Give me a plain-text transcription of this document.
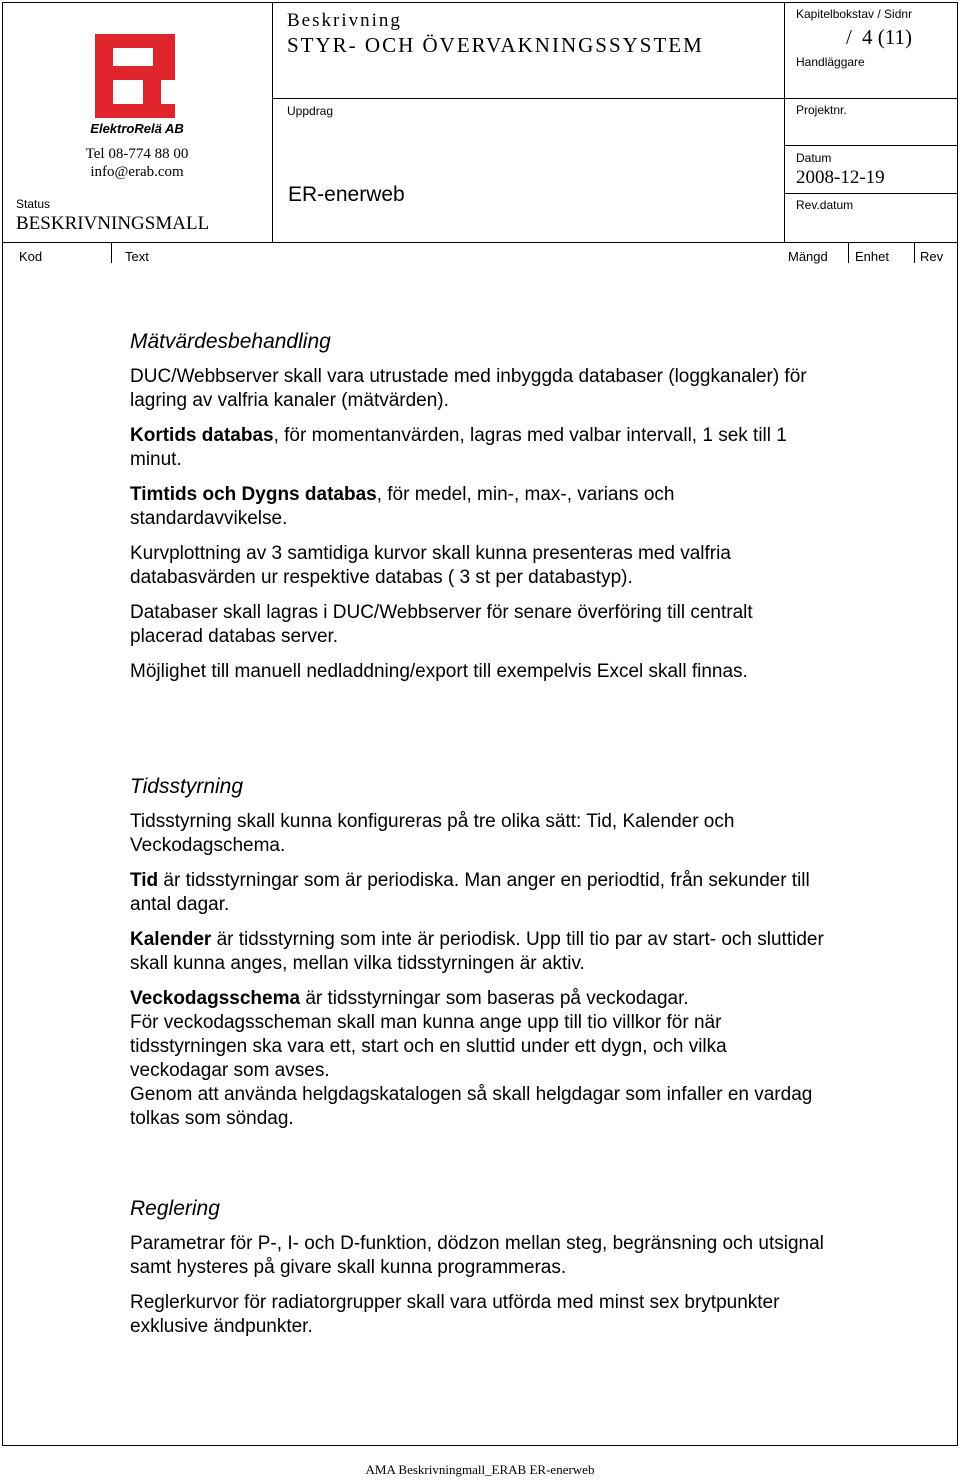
ElektroRelä AB
Tel 08-774 88 00
info@erab.com
Status
BESKRIVNINGSMALL
Beskrivning
STYR- OCH ÖVERVAKNINGSSYSTEM
Uppdrag
ER-enerweb
Kapitelbokstav / Sidnr
/ 4 (11)
Handläggare
Projektnr.
Datum
2008-12-19
Rev.datum
Kod	Text	Mängd Enhet Rev
Mätvärdesbehandling

DUC/Webbserver skall vara utrustade med inbyggda databaser (loggkanaler) för lagring av valfria kanaler (mätvärden).

Kortids databas, för momentanvärden, lagras med valbar intervall, 1 sek till 1 minut.

Timtids och Dygns databas, för medel, min-, max-, varians och standardavvikelse.

Kurvplottning av 3 samtidiga kurvor skall kunna presenteras med valfria databasvärden ur respektive databas ( 3 st per databastyp).

Databaser skall lagras i DUC/Webbserver för senare överföring till centralt placerad databas server.

Möjlighet till manuell nedladdning/export till exempelvis Excel skall finnas.

Tidsstyrning

Tidsstyrning skall kunna konfigureras på tre olika sätt: Tid, Kalender och Veckodagschema.

Tid är tidsstyrningar som är periodiska. Man anger en periodtid, från sekunder till antal dagar.

Kalender är tidsstyrning som inte är periodisk. Upp till tio par av start- och sluttider skall kunna anges, mellan vilka tidsstyrningen är aktiv.

Veckodagsschema är tidsstyrningar som baseras på veckodagar.

För veckodagsscheman skall man kunna ange upp till tio villkor för när tidsstyrningen ska vara ett, start och en sluttid under ett dygn, och vilka veckodagar som avses.

Genom att använda helgdagskatalogen så skall helgdagar som infaller en vardag tolkas som söndag.

Reglering

Parametrar för P-, I- och D-funktion, dödzon mellan steg, begränsning och utsignal samt hysteres på givare skall kunna programmeras.

Reglerkurvor för radiatorgrupper skall vara utförda med minst sex brytpunkter exklusive ändpunkter.

AMA Beskrivningmall_ERAB ER-enerweb
